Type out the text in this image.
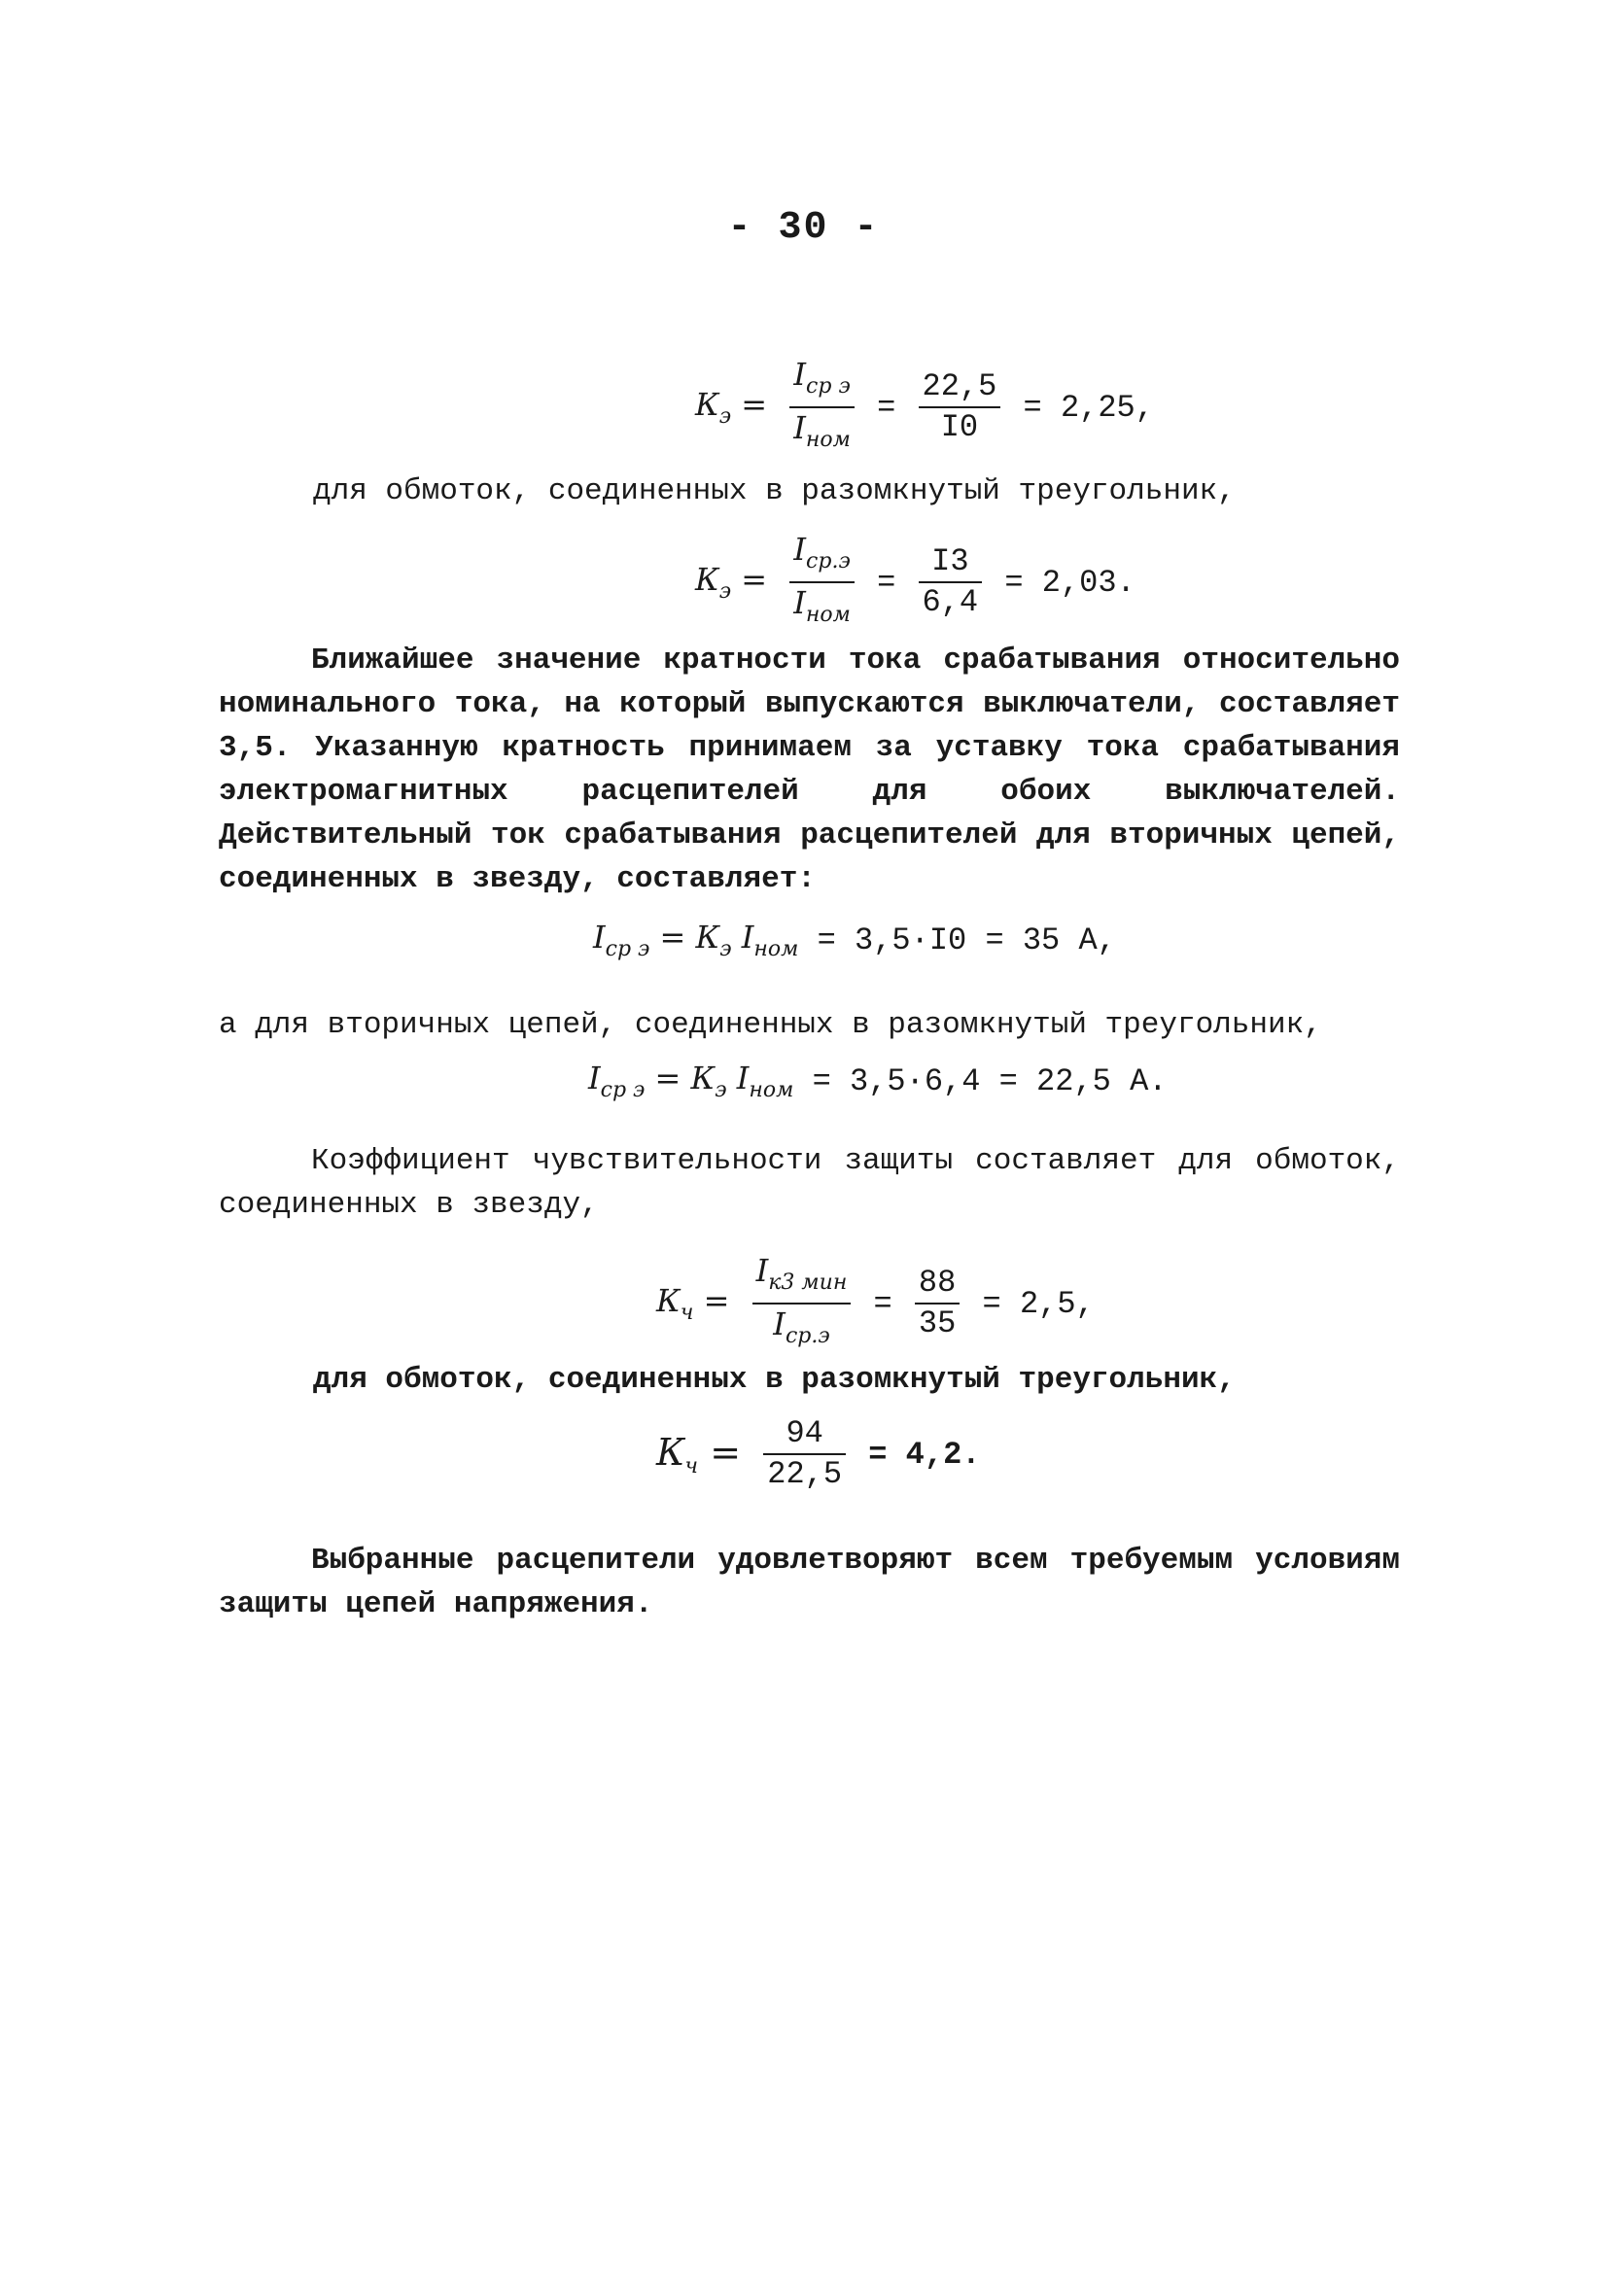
- 30 -
$К_э = \frac{I_{ср э}}{I_{ном}} = \frac{22,5}{I0} = 2,25$,
для обмоток, соединенных в разомкнутый треугольник,
$К_э = \frac{I_{ср.э}}{I_{ном}} = \frac{I3}{6,4} = 2,03$.
Ближайшее значение кратности тока срабатывания относительно номинального тока, на который выпускаются выключатели, составляет 3,5. Указанную кратность принимаем за уставку тока срабатывания электромагнитных расцепителей для обоих выключателей. Действительный ток срабатывания расцепителей для вторичных цепей, соединенных в звезду, составляет:
$I_{ср э} = К_э$ $I_{ном} = 3,5\cdot I0 = 35$ А,
а для вторичных цепей, соединенных в разомкнутый треугольник,
$I_{ср э} = К_э$ $I_{ном} = 3,5\cdot 6,4 = 22,5$ А.
Коэффициент чувствительности защиты составляет для обмоток, соединенных в звезду,
$К_ч = \frac{I_{к3 мин}}{I_{ср.э}} = \frac{88}{35} = 2,5$,
для обмоток, соединенных в разомкнутый треугольник,
$К_ч = \frac{94}{22,5} = 4,2$.
Выбранные расцепители удовлетворяют всем требуемым условиям защиты цепей напряжения.
